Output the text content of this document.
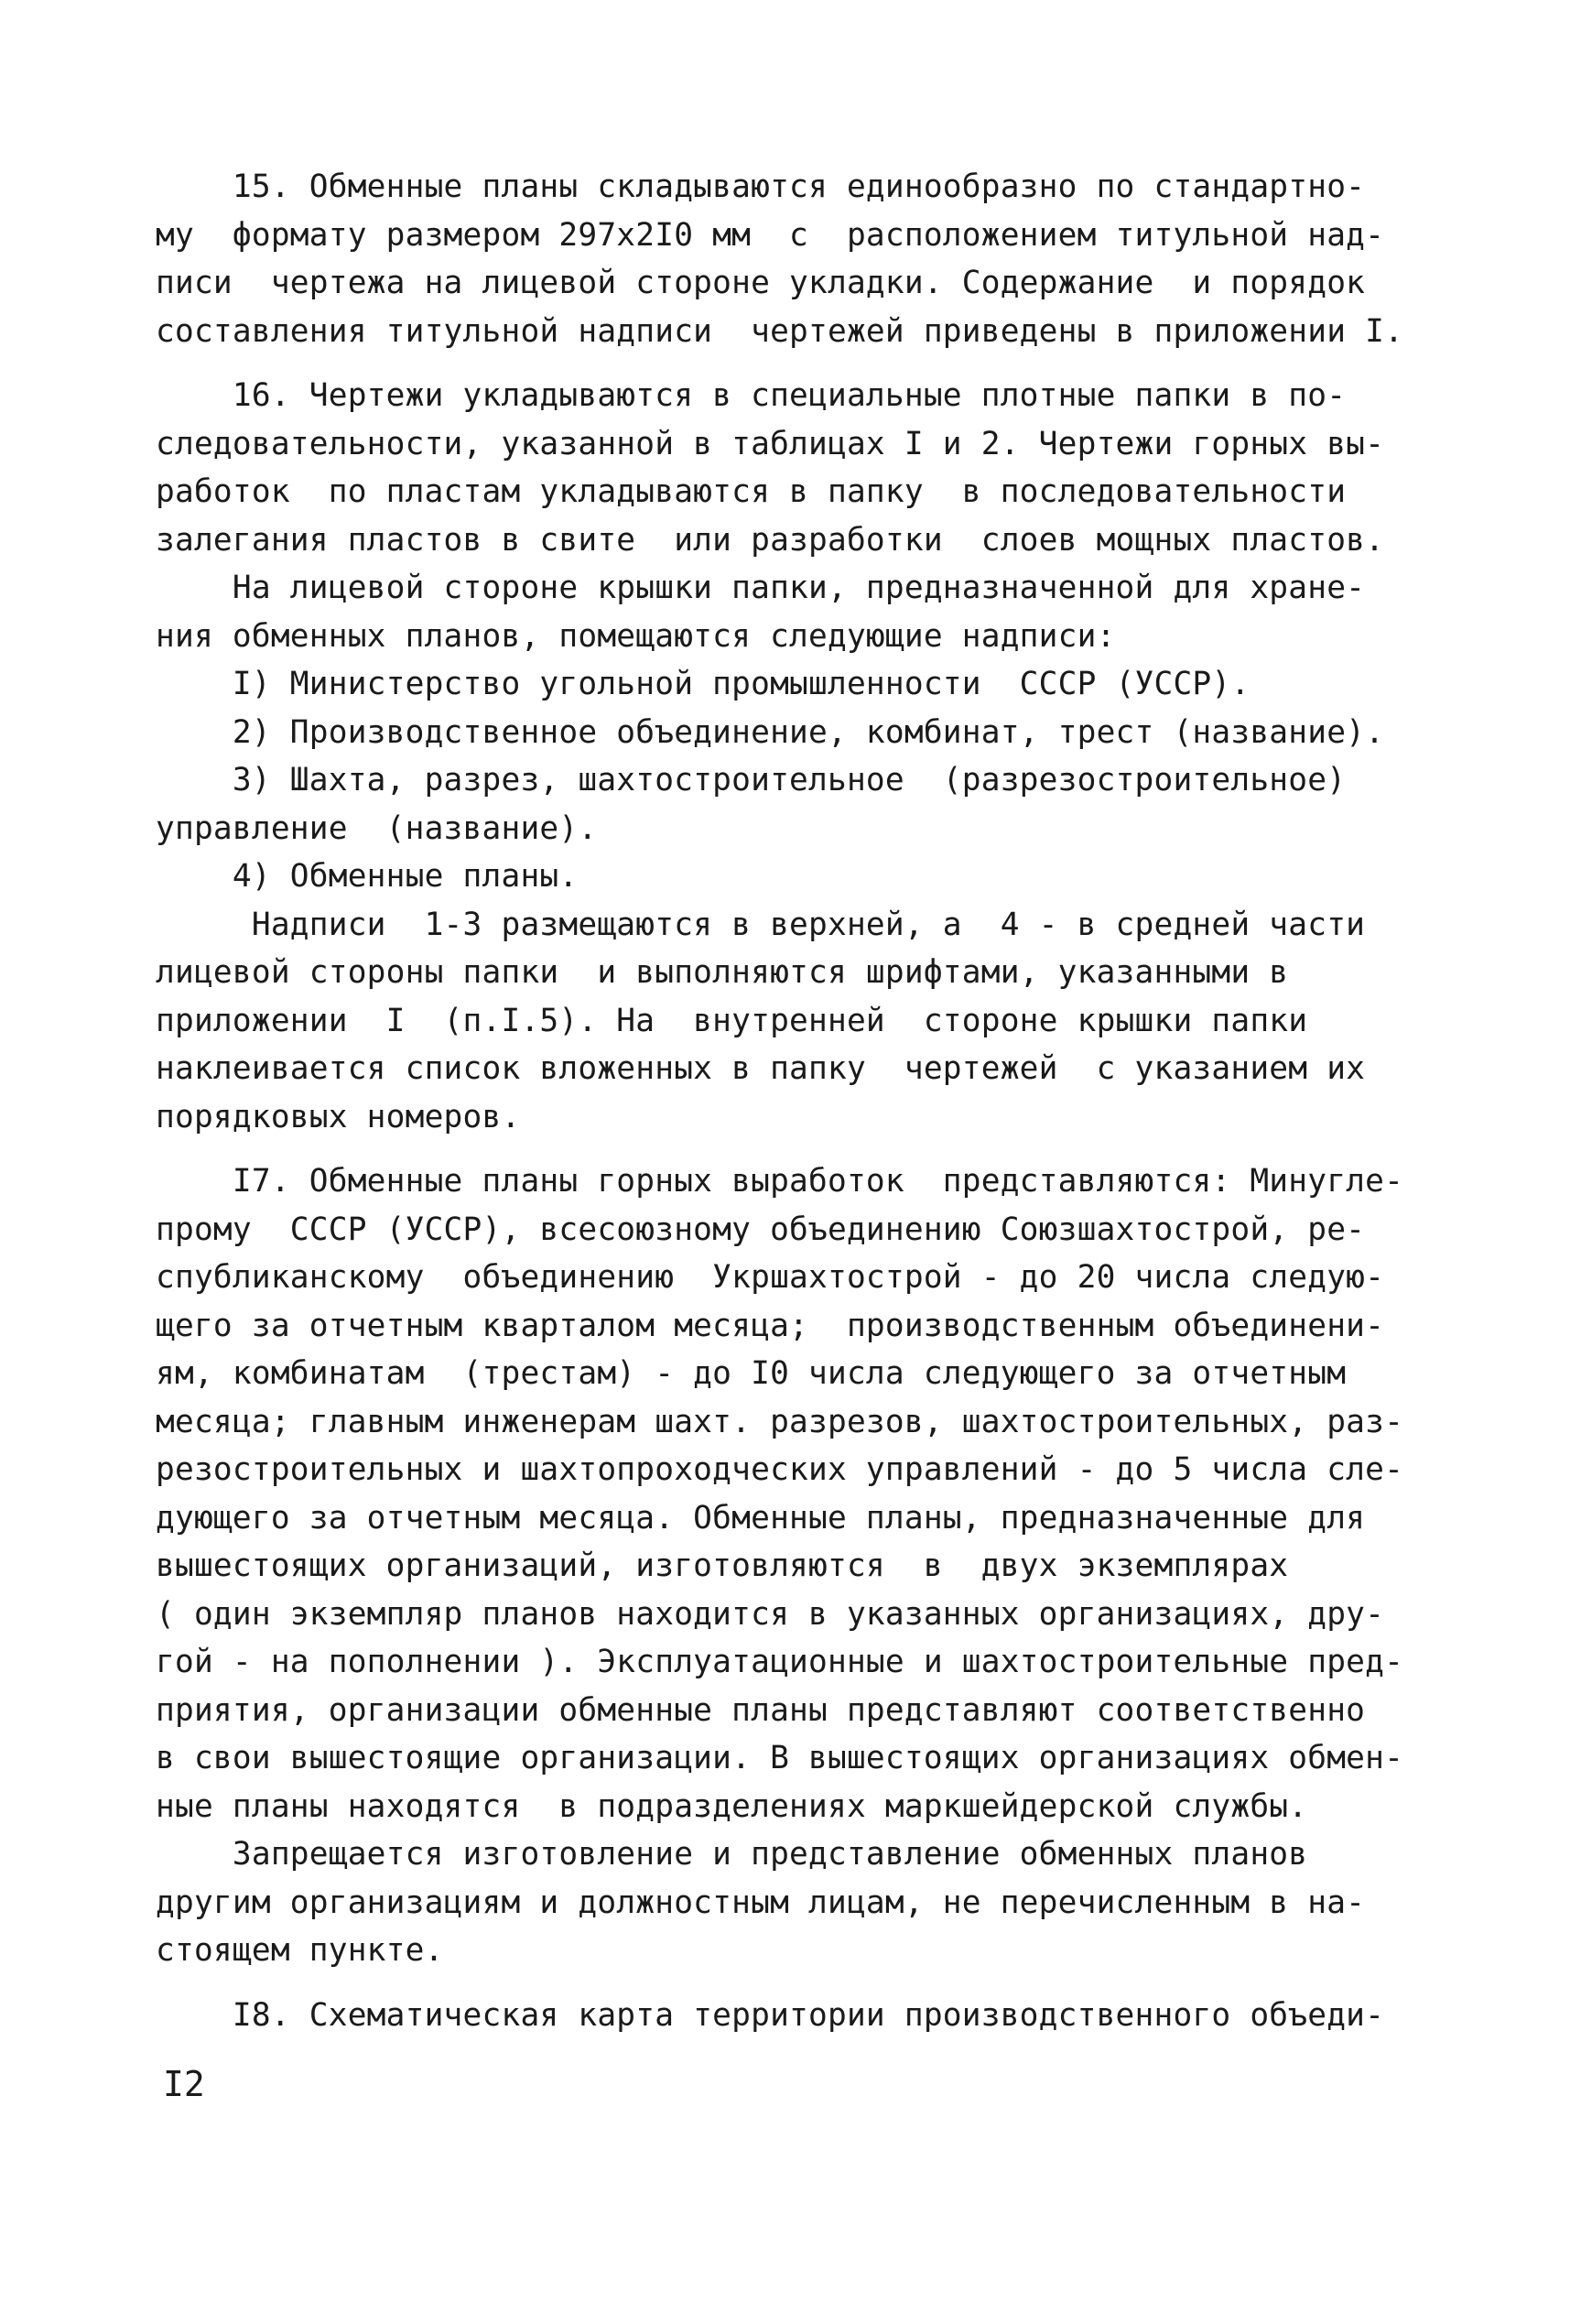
15. Обменные планы складываются единообразно по стандартно-
му  формату размером 297х2I0 мм  с  расположением титульной над-
писи  чертежа на лицевой стороне укладки. Содержание  и порядок
составления титульной надписи  чертежей приведены в приложении I.
16. Чертежи укладываются в специальные плотные папки в по-
следовательности, указанной в таблицах I и 2. Чертежи горных вы-
работок  по пластам укладываются в папку  в последовательности
залегания пластов в свите  или разработки  слоев мощных пластов.
На лицевой стороне крышки папки, предназначенной для хране-
ния обменных планов, помещаются следующие надписи:
I) Министерство угольной промышленности  СССР (УССР).
2) Производственное объединение, комбинат, трест (название).
3) Шахта, разрез, шахтостроительное  (разрезостроительное)
управление  (название).
4) Обменные планы.
Надписи  1-3 размещаются в верхней, а  4 - в средней части
лицевой стороны папки  и выполняются шрифтами, указанными в
приложении  I  (п.I.5). На  внутренней  стороне крышки папки
наклеивается список вложенных в папку  чертежей  с указанием их
порядковых номеров.
I7. Обменные планы горных выработок  представляются: Минугле-
прому  СССР (УССР), всесоюзному объединению Союзшахтострой, ре-
спубликанскому  объединению  Укршахтострой - до 20 числа следую-
щего за отчетным кварталом месяца;  производственным объединени-
ям, комбинатам  (трестам) - до I0 числа следующего за отчетным
месяца; главным инженерам шахт. разрезов, шахтостроительных, раз-
резостроительных и шахтопроходческих управлений - до 5 числа сле-
дующего за отчетным месяца. Обменные планы, предназначенные для
вышестоящих организаций, изготовляются  в  двух экземплярах
( один экземпляр планов находится в указанных организациях, дру-
гой - на пополнении ). Эксплуатационные и шахтостроительные пред-
приятия, организации обменные планы представляют соответственно
в свои вышестоящие организации. В вышестоящих организациях обмен-
ные планы находятся  в подразделениях маркшейдерской службы.
Запрещается изготовление и представление обменных планов
другим организациям и должностным лицам, не перечисленным в на-
стоящем пункте.
I8. Схематическая карта территории производственного объеди-
I2
